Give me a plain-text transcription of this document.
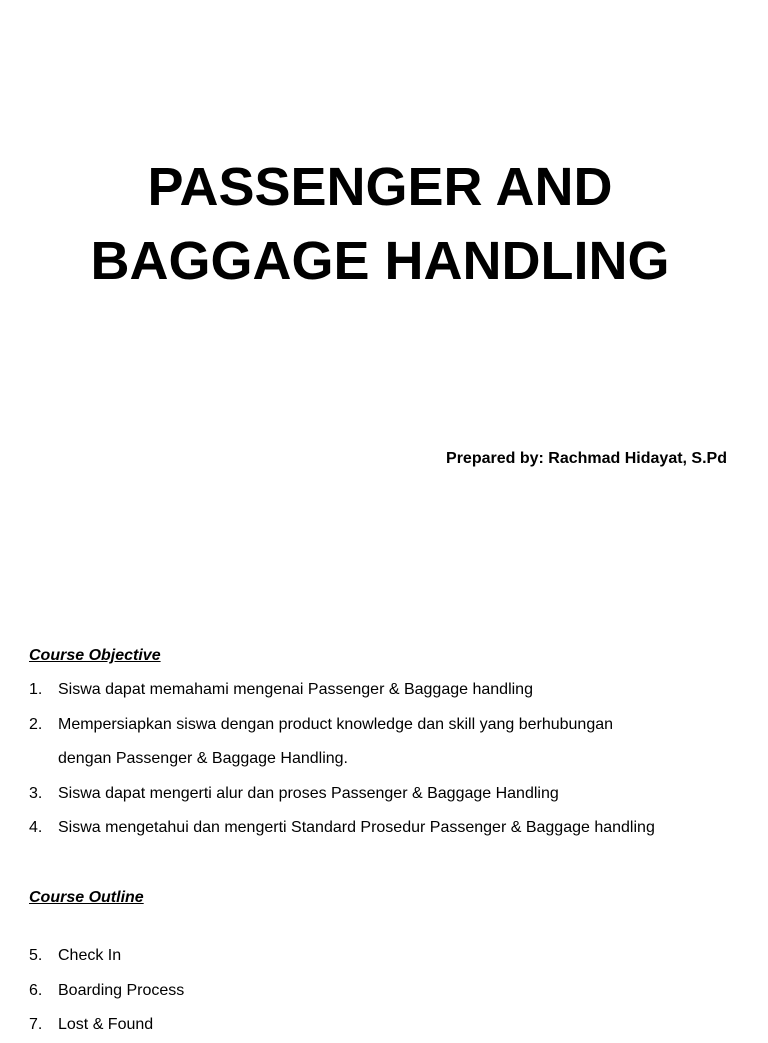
PASSENGER AND
BAGGAGE HANDLING
Prepared by: Rachmad Hidayat, S.Pd
Course Objective
1. Siswa dapat memahami mengenai Passenger & Baggage handling
2. Mempersiapkan siswa dengan product knowledge dan skill yang berhubungan dengan Passenger & Baggage Handling.
3. Siswa dapat mengerti alur dan proses Passenger & Baggage Handling
4. Siswa mengetahui dan mengerti Standard Prosedur Passenger & Baggage handling
Course Outline
5. Check In
6. Boarding Process
7. Lost & Found
